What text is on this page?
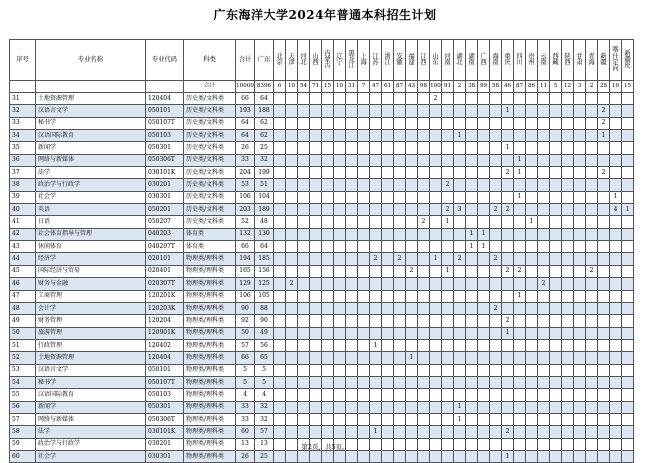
广东海洋大学2024年普通本科招生计划
序号	专业名称	专业代码	科类	合计	广东	北京	天津	河北	山西	内蒙古	辽宁	黑龙江	上海	江苏	浙江	安徽	福建	江西	山东	河南	湖北	湖南	广西	海南	重庆	四川	贵州	云南	西藏	陕西	甘肃	青海	新疆	喀什定向	新疆班
			合计	10000	8396	6	10	54	71	15	10	31	7	47	61	87	43	98	100	91	2	38	99	58	46	87	86	11	5	12	3	2	28	10	15
31	土地资源管理	120404	历史类/文科类	66	64														2																
32	汉语言文学	050101	历史类/文科类	193	188																				1								2		
33	秘书学	050107T	历史类/文科类	64	62																												2		
34	汉语国际教育	050103	历史类/文科类	64	62																1												1		
35	新闻学	050301	历史类/文科类	26	25																				1										
36	网络与新媒体	050306T	历史类/文科类	33	32																					1									
37	法学	030101K	历史类/文科类	204	199																				2	1							2		
38	政治学与行政学	030201	历史类/文科类	53	51															2															
39	社会学	030301	历史类/文科类	106	104																					1								1	
40	英语	050201	历史类/文科类	203	189															2	3			2	2									4	1
41	日语	050207	历史类/文科类	52	48													2		1							1								
42	社会体育指导与管理	040203	体育类	132	130																	1	1												
43	休闲体育	040207T	体育类	66	64																	1	1												
44	经济学	020101	物理类/理科类	194	185									2		2			1		2			2											
45	国际经济与贸易	020401	物理类/理科类	165	156												2			1					2	2						2			
46	财务与金融	020307T	物理类/理科类	129	125		2																					2							
47	工商管理	120201K	物理类/理科类	106	105																					1									
48	会计学	120203K	物理类/理科类	90	88																			2											
49	财务管理	120204	物理类/理科类	92	90																				2										
50	旅游管理	120901K	物理类/理科类	50	49																				1										
51	行政管理	120402	物理类/理科类	57	56									1																					
52	土地资源管理	120404	物理类/理科类	66	65												1																		
53	汉语言文学	050101	物理类/理科类	5	5																														
54	秘书学	050107T	物理类/理科类	5	5																														
55	汉语国际教育	050103	物理类/理科类	4	4																														
56	新闻学	050301	物理类/理科类	33	32																1														
57	网络与新媒体	050306T	物理类/理科类	33	32																1														
58	法学	030101K	物理类/理科类	60	57									1											2										
59	政治学与行政学	030201	物理类/理科类	13	13																														
60	社会学	030301	物理类/理科类	26	25																				1										
第2页，共5页。
